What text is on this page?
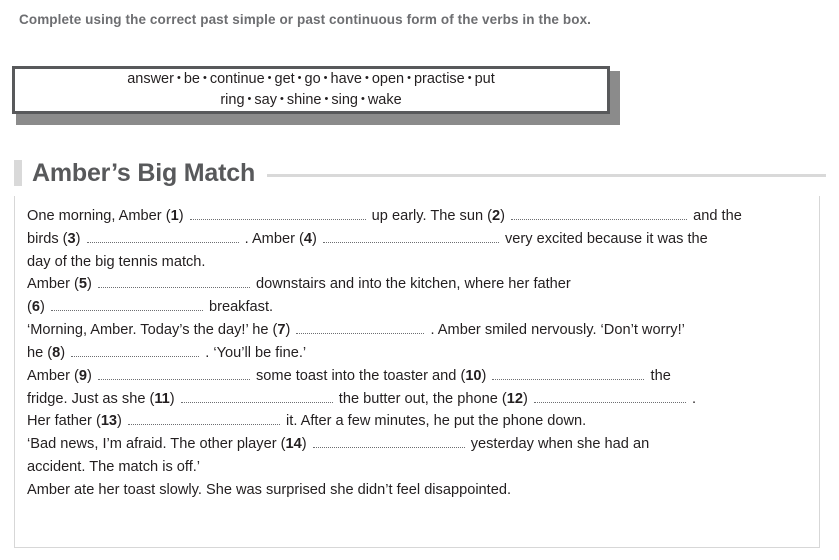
Complete using the correct past simple or past continuous form of the verbs in the box.
answer • be • continue • get • go • have • open • practise • put
ring • say • shine • sing • wake
Amber’s Big Match

One morning, Amber (1)	up early. The sun (2)	and the

birds (3)	. Amber (4)	very excited because it was the

day of the big tennis match.

Amber (5)	downstairs and into the kitchen, where her father

(6)	breakfast.

‘Morning, Amber. Today’s the day!’ he (7)	. Amber smiled nervously. ‘Don’t worry!’

he (8)	. ‘You’ll be fine.’

Amber (9)	some toast into the toaster and (10)	the

fridge. Just as she (11)	the butter out, the phone (12)	.

Her father (13)	it. After a few minutes, he put the phone down.

‘Bad news, I’m afraid. The other player (14)	yesterday when she had an

accident. The match is off.’

Amber ate her toast slowly. She was surprised she didn’t feel disappointed.
